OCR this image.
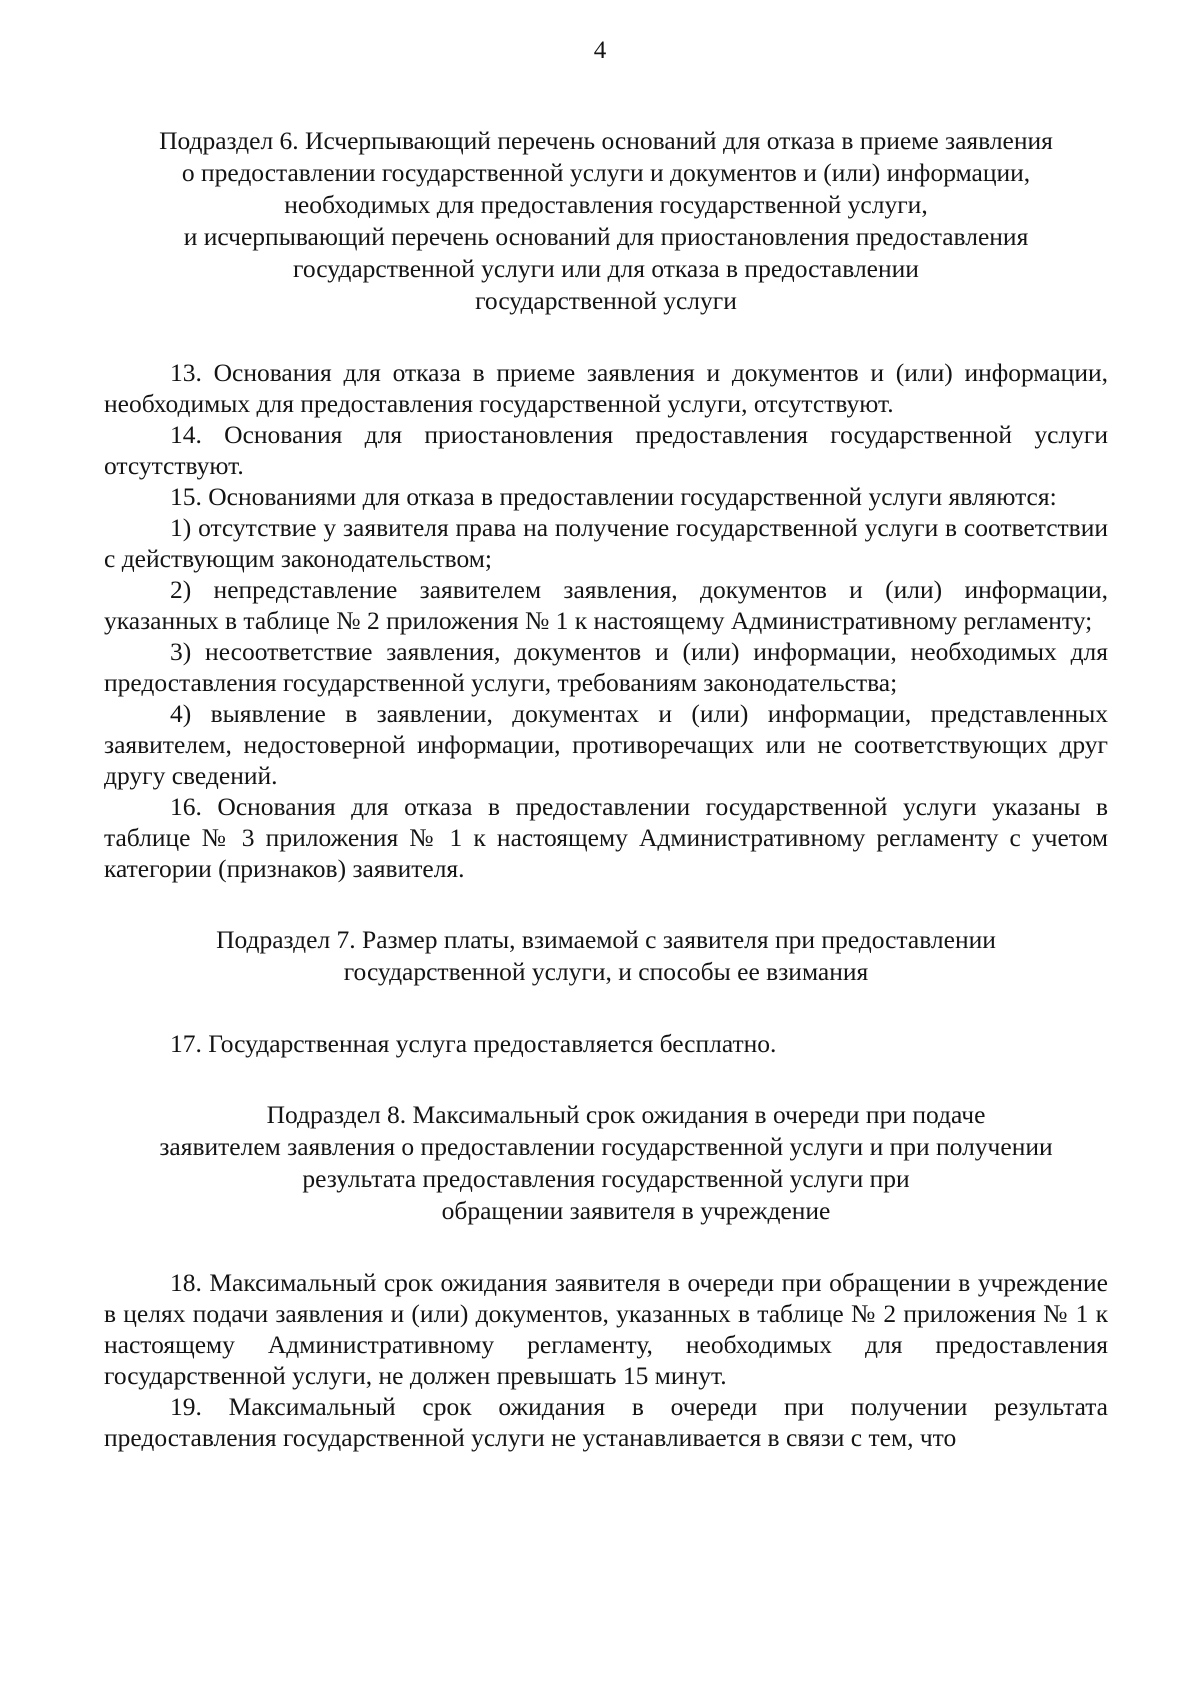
4
Подраздел 6. Исчерпывающий перечень оснований для отказа в приеме заявления
о предоставлении государственной услуги и документов и (или) информации,
необходимых для предоставления государственной услуги,
и исчерпывающий перечень оснований для приостановления предоставления
государственной услуги или для отказа в предоставлении
государственной услуги

13. Основания для отказа в приеме заявления и документов и (или) информации, необходимых для предоставления государственной услуги, отсутствуют.

14. Основания для приостановления предоставления государственной услуги отсутствуют.

15. Основаниями для отказа в предоставлении государственной услуги являются:

1) отсутствие у заявителя права на получение государственной услуги в соответствии с действующим законодательством;

2) непредставление заявителем заявления, документов и (или) информации, указанных в таблице № 2 приложения № 1 к настоящему Административному регламенту;

3) несоответствие заявления, документов и (или) информации, необходимых для предоставления государственной услуги, требованиям законодательства;

4) выявление в заявлении, документах и (или) информации, представленных заявителем, недостоверной информации, противоречащих или не соответствующих друг другу сведений.

16. Основания для отказа в предоставлении государственной услуги указаны в таблице № 3 приложения № 1 к настоящему Административному регламенту с учетом категории (признаков) заявителя.

Подраздел 7. Размер платы, взимаемой с заявителя при предоставлении
государственной услуги, и способы ее взимания

17. Государственная услуга предоставляется бесплатно.

Подраздел 8. Максимальный срок ожидания в очереди при подаче
заявителем заявления о предоставлении государственной услуги и при получении
результата предоставления государственной услуги при
обращении заявителя в учреждение

18. Максимальный срок ожидания заявителя в очереди при обращении в учреждение в целях подачи заявления и (или) документов, указанных в таблице № 2 приложения № 1 к настоящему Административному регламенту, необходимых для предоставления государственной услуги, не должен превышать 15 минут.

19. Максимальный срок ожидания в очереди при получении результата предоставления государственной услуги не устанавливается в связи с тем, что
